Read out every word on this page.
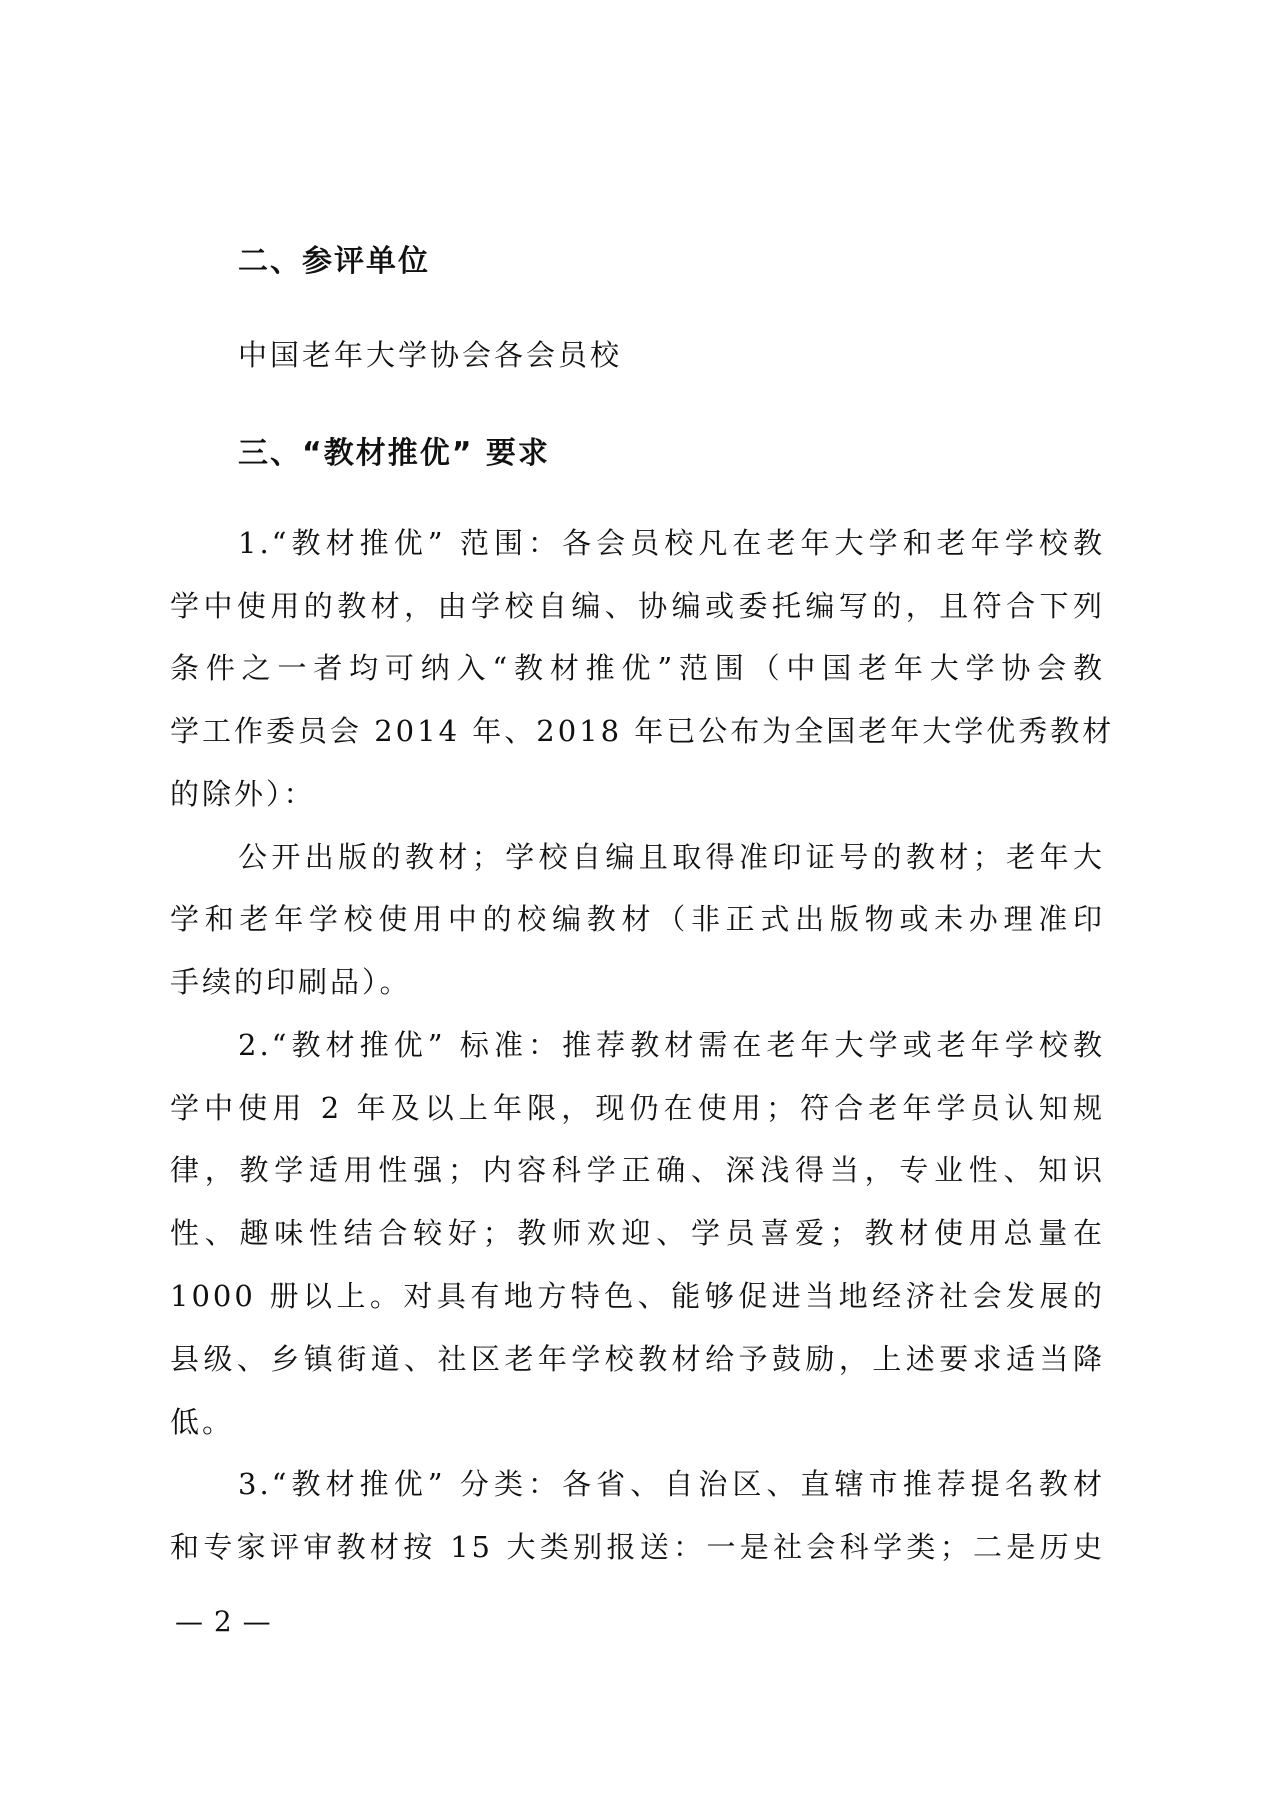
二、参评单位
中国老年大学协会各会员校
三、“教材推优” 要求
1.“教材推优” 范围：各会员校凡在老年大学和老年学校教
学中使用的教材，由学校自编、协编或委托编写的，且符合下列
条件之一者均可纳入“教材推优”范围（中国老年大学协会教
学工作委员会 2014 年、2018 年已公布为全国老年大学优秀教材
的除外）：
公开出版的教材；学校自编且取得准印证号的教材；老年大
学和老年学校使用中的校编教材（非正式出版物或未办理准印
手续的印刷品）。
2.“教材推优” 标准：推荐教材需在老年大学或老年学校教
学中使用 2 年及以上年限，现仍在使用；符合老年学员认知规
律，教学适用性强；内容科学正确、深浅得当，专业性、知识
性、趣味性结合较好；教师欢迎、学员喜爱；教材使用总量在
1000 册以上。对具有地方特色、能够促进当地经济社会发展的
县级、乡镇街道、社区老年学校教材给予鼓励，上述要求适当降
低。
3.“教材推优” 分类：各省、自治区、直辖市推荐提名教材
和专家评审教材按 15 大类别报送：一是社会科学类；二是历史
— 2 —
